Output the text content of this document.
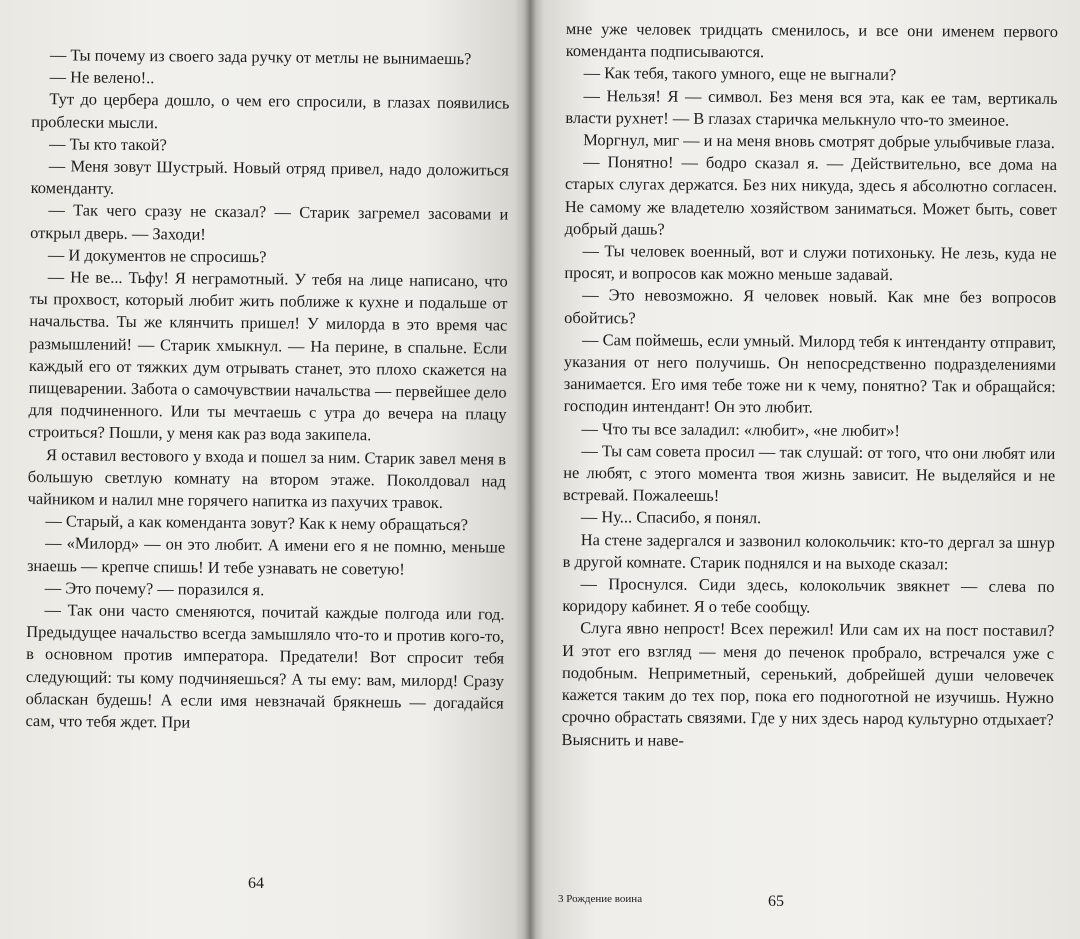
— Ты почему из своего зада ручку от метлы не вынимаешь?

— Не велено!..

Тут до цербера дошло, о чем его спросили, в глазах появились проблески мысли.

— Ты кто такой?

— Меня зовут Шустрый. Новый отряд привел, надо доложиться коменданту.

— Так чего сразу не сказал? — Старик загремел засовами и открыл дверь. — Заходи!

— И документов не спросишь?

— Не ве... Тьфу! Я неграмотный. У тебя на лице написано, что ты прохвост, который любит жить поближе к кухне и подальше от начальства. Ты же клянчить пришел! У милорда в это время час размышлений! — Старик хмыкнул. — На перине, в спальне. Если каждый его от тяжких дум отрывать станет, это плохо скажется на пищеварении. Забота о самочувствии начальства — первейшее дело для подчиненного. Или ты мечтаешь с утра до вечера на плацу строиться? Пошли, у меня как раз вода закипела.

Я оставил вестового у входа и пошел за ним. Старик завел меня в большую светлую комнату на втором этаже. Поколдовал над чайником и налил мне горячего напитка из пахучих травок.

— Старый, а как коменданта зовут? Как к нему обращаться?

— «Милорд» — он это любит. А имени его я не помню, меньше знаешь — крепче спишь! И тебе узнавать не советую!

— Это почему? — поразился я.

— Так они часто сменяются, почитай каждые полгода или год. Предыдущее начальство всегда замышляло что-то и против кого-то, в основном против императора. Предатели! Вот спросит тебя следующий: ты кому подчиняешься? А ты ему: вам, милорд! Сразу обласкан будешь! А если имя невзначай брякнешь — догадайся сам, что тебя ждет. При

64

мне уже человек тридцать сменилось, и все они именем первого коменданта подписываются.

— Как тебя, такого умного, еще не выгнали?

— Нельзя! Я — символ. Без меня вся эта, как ее там, вертикаль власти рухнет! — В глазах старичка мелькнуло что-то змеиное.

Моргнул, миг — и на меня вновь смотрят добрые улыбчивые глаза.

— Понятно! — бодро сказал я. — Действительно, все дома на старых слугах держатся. Без них никуда, здесь я абсолютно согласен. Не самому же владетелю хозяйством заниматься. Может быть, совет добрый дашь?

— Ты человек военный, вот и служи потихоньку. Не лезь, куда не просят, и вопросов как можно меньше задавай.

— Это невозможно. Я человек новый. Как мне без вопросов обойтись?

— Сам поймешь, если умный. Милорд тебя к интенданту отправит, указания от него получишь. Он непосредственно подразделениями занимается. Его имя тебе тоже ни к чему, понятно? Так и обращайся: господин интендант! Он это любит.

— Что ты все заладил: «любит», «не любит»!

— Ты сам совета просил — так слушай: от того, что они любят или не любят, с этого момента твоя жизнь зависит. Не выделяйся и не встревай. Пожалеешь!

— Ну... Спасибо, я понял.

На стене задергался и зазвонил колокольчик: кто-то дергал за шнур в другой комнате. Старик поднялся и на выходе сказал:

— Проснулся. Сиди здесь, колокольчик звякнет — слева по коридору кабинет. Я о тебе сообщу.

Слуга явно непрост! Всех пережил! Или сам их на пост поставил? И этот его взгляд — меня до печенок пробрало, встречался уже с подобным. Неприметный, серенький, добрейшей души человечек кажется таким до тех пор, пока его подноготной не изучишь. Нужно срочно обрастать связями. Где у них здесь народ культурно отдыхает? Выяснить и наве-

3 Рождение воина	65
